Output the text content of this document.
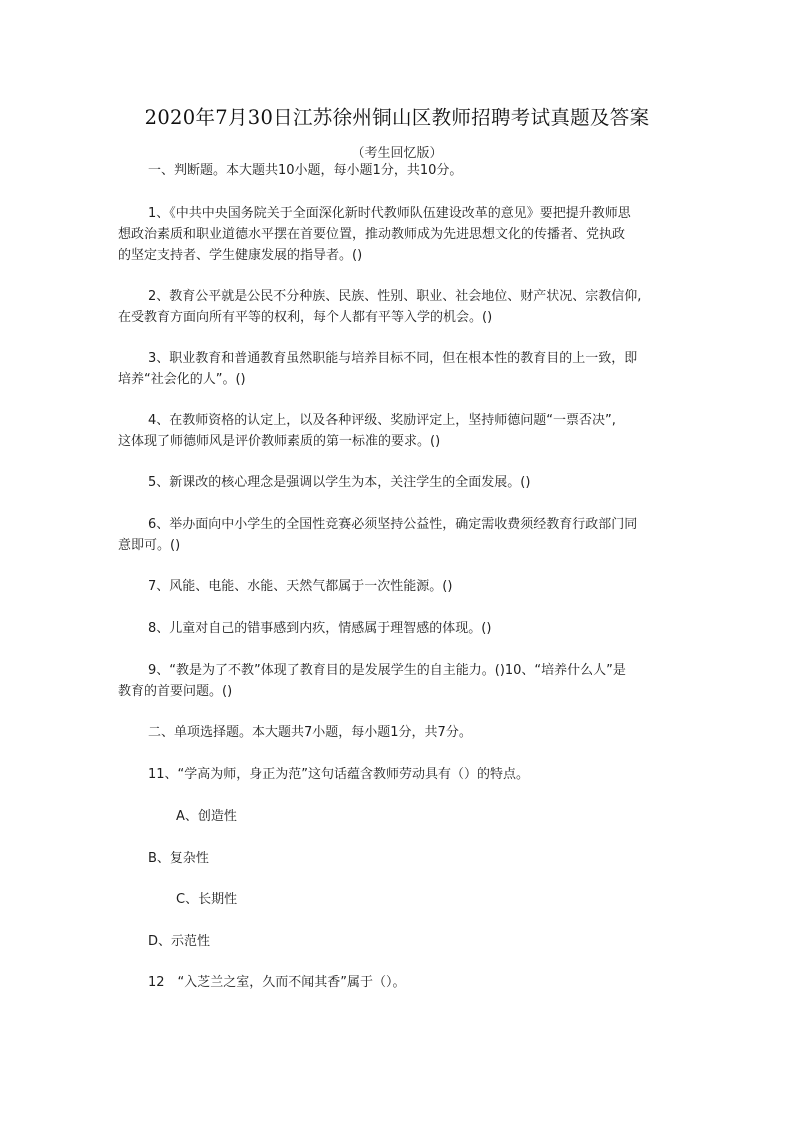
2020年7月30日江苏徐州铜山区教师招聘考试真题及答案
（考生回忆版）
一、判断题。本大题共10小题，每小题1分，共10分。
1、《中共中央国务院关于全面深化新时代教师队伍建设改革的意见》要把提升教师思
想政治素质和职业道德水平摆在首要位置，推动教师成为先进思想文化的传播者、党执政
的坚定支持者、学生健康发展的指导者。()
2、教育公平就是公民不分种族、民族、性别、职业、社会地位、财产状况、宗教信仰,
在受教育方面向所有平等的权利，每个人都有平等入学的机会。()
3、职业教育和普通教育虽然职能与培养目标不同，但在根本性的教育目的上一致，即
培养“社会化的人”。()
4、在教师资格的认定上，以及各种评级、奖励评定上，坚持师德问题“一票否决”,
这体现了师德师风是评价教师素质的第一标准的要求。()
5、新课改的核心理念是强调以学生为本，关注学生的全面发展。()
6、举办面向中小学生的全国性竞赛必须坚持公益性，确定需收费须经教育行政部门同
意即可。()
7、风能、电能、水能、天然气都属于一次性能源。()
8、儿童对自己的错事感到内疚，情感属于理智感的体现。()
9、“教是为了不教”体现了教育目的是发展学生的自主能力。()10、“培养什么人”是
教育的首要问题。()
二、单项选择题。本大题共7小题，每小题1分，共7分。
11、“学高为师，身正为范”这句话蕴含教师劳动具有（）的特点。
A、创造性
B、复杂性
C、长期性
D、示范性
12　“入芝兰之室，久而不闻其香”属于（）。
